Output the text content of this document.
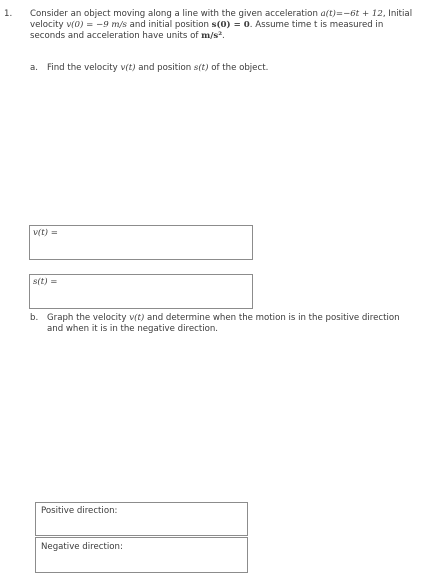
1. Consider an object moving along a line with the given acceleration a(t)=−6t + 12, Initial
velocity v(0) = −9 m/s and initial position s(0) = 0. Assume time t is measured in
seconds and acceleration have units of m/s².
a. Find the velocity v(t) and position s(t) of the object.
v(t) =
s(t) =
b. Graph the velocity v(t) and determine when the motion is in the positive direction
and when it is in the negative direction.
Positive direction:
Negative direction:
